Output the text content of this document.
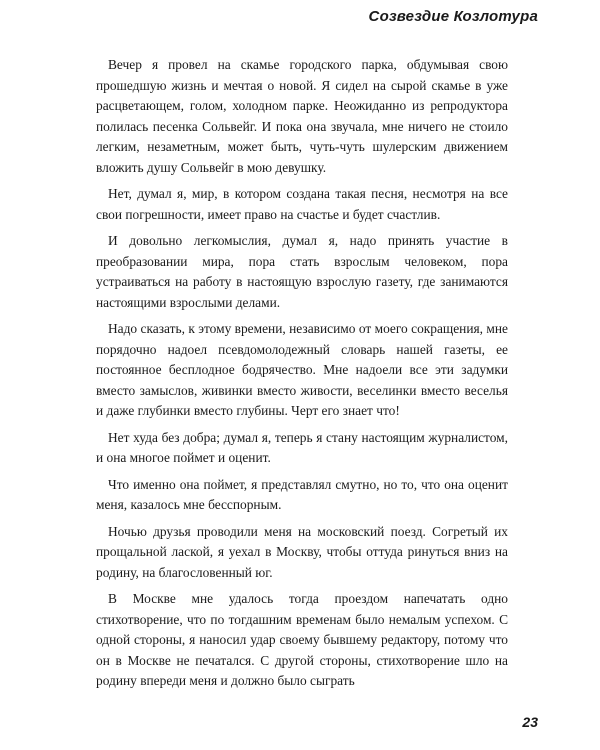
Созвездие Козлотура

Вечер я провел на скамье городского парка, обдумывая свою прошедшую жизнь и мечтая о новой. Я сидел на сырой скамье в уже расцветающем, голом, холодном парке. Неожиданно из репродуктора полилась песенка Сольвейг. И пока она звучала, мне ничего не стоило легким, незаметным, может быть, чуть-чуть шулерским движением вложить душу Сольвейг в мою девушку.

Нет, думал я, мир, в котором создана такая песня, несмотря на все свои погрешности, имеет право на счастье и будет счастлив.

И довольно легкомыслия, думал я, надо принять участие в преобразовании мира, пора стать взрослым человеком, пора устраиваться на работу в настоящую взрослую газету, где занимаются настоящими взрослыми делами.

Надо сказать, к этому времени, независимо от моего сокращения, мне порядочно надоел псевдомолодежный словарь нашей газеты, ее постоянное бесплодное бодрячество. Мне надоели все эти задумки вместо замыслов, живинки вместо живости, веселинки вместо веселья и даже глубинки вместо глубины. Черт его знает что!

Нет худа без добра; думал я, теперь я стану настоящим журналистом, и она многое поймет и оценит.

Что именно она поймет, я представлял смутно, но то, что она оценит меня, казалось мне бесспорным.

Ночью друзья проводили меня на московский поезд. Согретый их прощальной лаской, я уехал в Москву, чтобы оттуда ринуться вниз на родину, на благословенный юг.

В Москве мне удалось тогда проездом напечатать одно стихотворение, что по тогдашним временам было немалым успехом. С одной стороны, я наносил удар своему бывшему редактору, потому что он в Москве не печатался. С другой стороны, стихотворение шло на родину впереди меня и должно было сыграть

23
